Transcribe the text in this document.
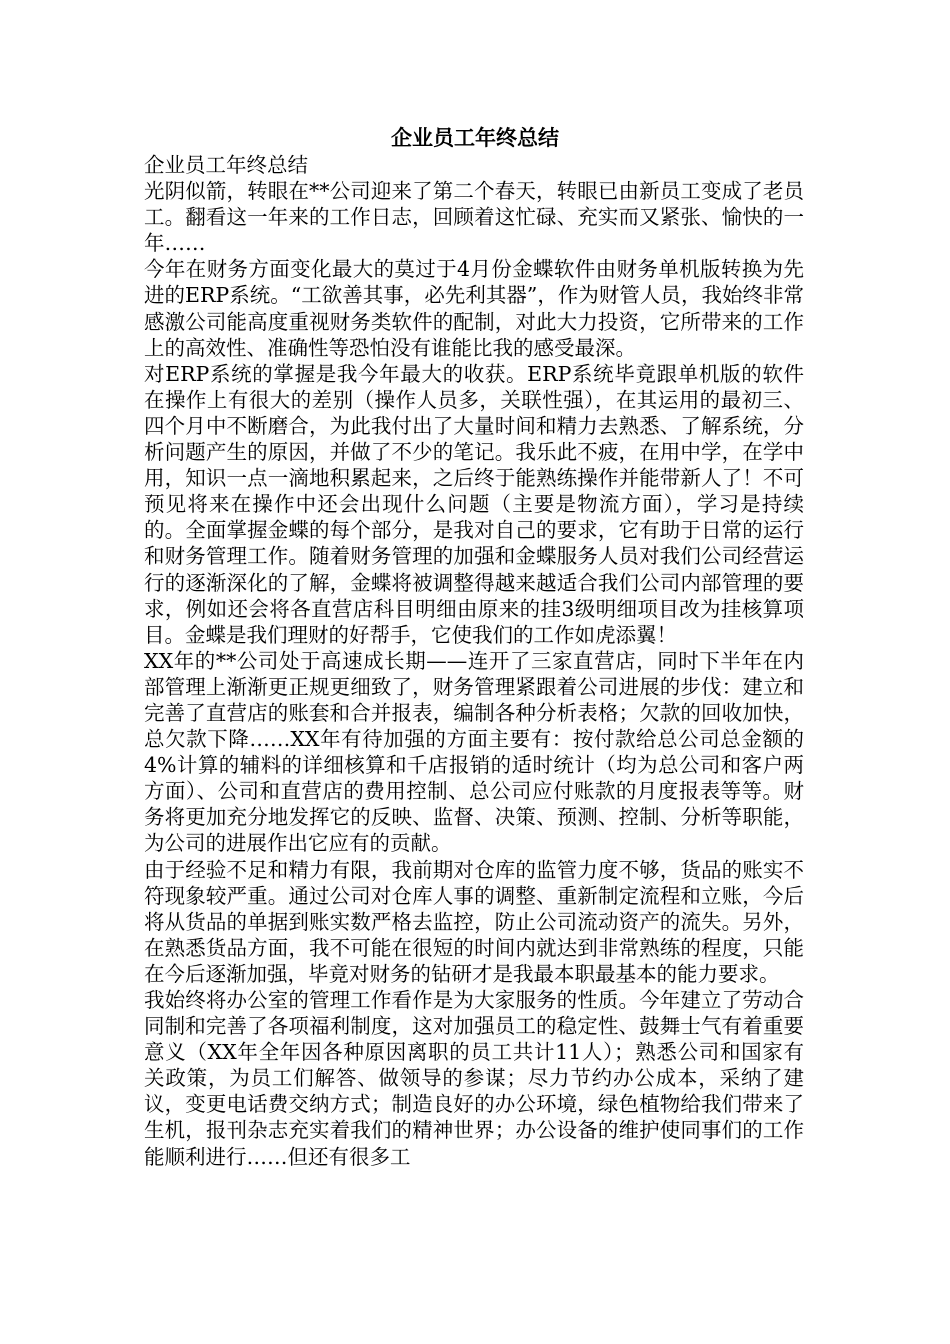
企业员工年终总结

企业员工年终总结

光阴似箭，转眼在**公司迎来了第二个春天，转眼已由新员工变成了老员工。翻看这一年来的工作日志，回顾着这忙碌、充实而又紧张、愉快的一年……

今年在财务方面变化最大的莫过于4月份金蝶软件由财务单机版转换为先进的ERP系统。“工欲善其事，必先利其器”，作为财管人员，我始终非常感激公司能高度重视财务类软件的配制，对此大力投资，它所带来的工作上的高效性、准确性等恐怕没有谁能比我的感受最深。

对ERP系统的掌握是我今年最大的收获。ERP系统毕竟跟单机版的软件在操作上有很大的差别（操作人员多，关联性强），在其运用的最初三、四个月中不断磨合，为此我付出了大量时间和精力去熟悉、了解系统，分析问题产生的原因，并做了不少的笔记。我乐此不疲，在用中学，在学中用，知识一点一滴地积累起来，之后终于能熟练操作并能带新人了！不可预见将来在操作中还会出现什么问题（主要是物流方面），学习是持续的。全面掌握金蝶的每个部分，是我对自己的要求，它有助于日常的运行和财务管理工作。随着财务管理的加强和金蝶服务人员对我们公司经营运行的逐渐深化的了解，金蝶将被调整得越来越适合我们公司内部管理的要求，例如还会将各直营店科目明细由原来的挂3级明细项目改为挂核算项目。金蝶是我们理财的好帮手，它使我们的工作如虎添翼！

XX年的**公司处于高速成长期——连开了三家直营店，同时下半年在内部管理上渐渐更正规更细致了，财务管理紧跟着公司进展的步伐：建立和完善了直营店的账套和合并报表，编制各种分析表格；欠款的回收加快，总欠款下降……XX年有待加强的方面主要有：按付款给总公司总金额的4%计算的辅料的详细核算和千店报销的适时统计（均为总公司和客户两方面）、公司和直营店的费用控制、总公司应付账款的月度报表等等。财务将更加充分地发挥它的反映、监督、决策、预测、控制、分析等职能，为公司的进展作出它应有的贡献。

由于经验不足和精力有限，我前期对仓库的监管力度不够，货品的账实不符现象较严重。通过公司对仓库人事的调整、重新制定流程和立账，今后将从货品的单据到账实数严格去监控，防止公司流动资产的流失。另外，在熟悉货品方面，我不可能在很短的时间内就达到非常熟练的程度，只能在今后逐渐加强，毕竟对财务的钻研才是我最本职最基本的能力要求。

我始终将办公室的管理工作看作是为大家服务的性质。今年建立了劳动合同制和完善了各项福利制度，这对加强员工的稳定性、鼓舞士气有着重要意义（XX年全年因各种原因离职的员工共计11人）；熟悉公司和国家有关政策，为员工们解答、做领导的参谋；尽力节约办公成本，采纳了建议，变更电话费交纳方式；制造良好的办公环境，绿色植物给我们带来了生机，报刊杂志充实着我们的精神世界；办公设备的维护使同事们的工作能顺利进行……但还有很多工
